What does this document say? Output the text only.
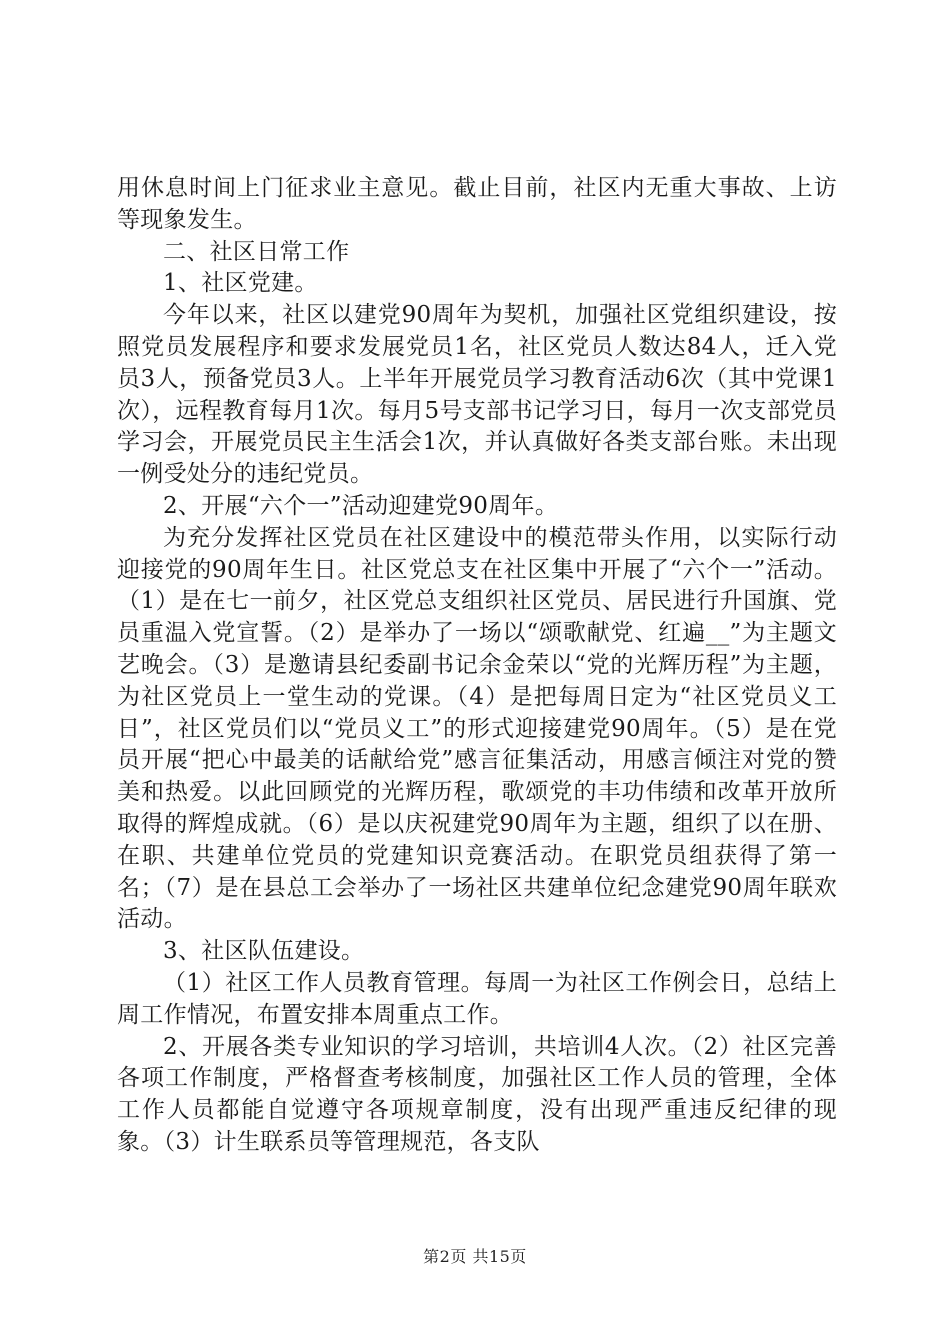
用休息时间上门征求业主意见。截止目前，社区内无重大事故、上访等现象发生。

二、社区日常工作

1、社区党建。

今年以来，社区以建党90周年为契机，加强社区党组织建设，按照党员发展程序和要求发展党员1名，社区党员人数达84人，迁入党员3人，预备党员3人。上半年开展党员学习教育活动6次（其中党课1次），远程教育每月1次。每月5号支部书记学习日，每月一次支部党员学习会，开展党员民主生活会1次，并认真做好各类支部台账。未出现一例受处分的违纪党员。

2、开展“六个一”活动迎建党90周年。

为充分发挥社区党员在社区建设中的模范带头作用，以实际行动迎接党的90周年生日。社区党总支在社区集中开展了“六个一”活动。（1）是在七一前夕，社区党总支组织社区党员、居民进行升国旗、党员重温入党宣誓。（2）是举办了一场以“颂歌献党、红遍__”为主题文艺晚会。（3）是邀请县纪委副书记余金荣以“党的光辉历程”为主题，为社区党员上一堂生动的党课。（4）是把每周日定为“社区党员义工日”，社区党员们以“党员义工”的形式迎接建党90周年。（5）是在党员开展“把心中最美的话献给党”感言征集活动，用感言倾注对党的赞美和热爱。以此回顾党的光辉历程，歌颂党的丰功伟绩和改革开放所取得的辉煌成就。（6）是以庆祝建党90周年为主题，组织了以在册、在职、共建单位党员的党建知识竞赛活动。在职党员组获得了第一名；（7）是在县总工会举办了一场社区共建单位纪念建党90周年联欢活动。

3、社区队伍建设。

（1）社区工作人员教育管理。每周一为社区工作例会日，总结上周工作情况，布置安排本周重点工作。

2、开展各类专业知识的学习培训，共培训4人次。（2）社区完善各项工作制度，严格督查考核制度，加强社区工作人员的管理，全体工作人员都能自觉遵守各项规章制度，没有出现严重违反纪律的现象。（3）计生联系员等管理规范，各支队

第2页 共15页
